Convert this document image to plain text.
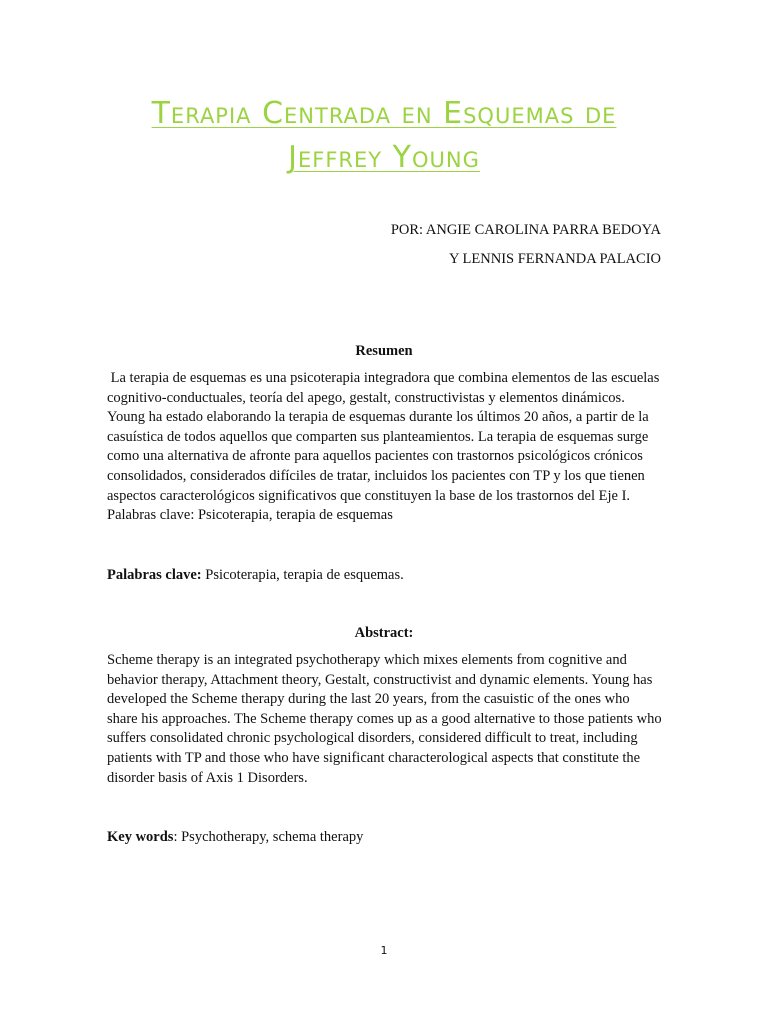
Terapia Centrada en Esquemas de
Jeffrey Young
POR: ANGIE CAROLINA PARRA BEDOYA
Y LENNIS FERNANDA PALACIO
Resumen

La terapia de esquemas es una psicoterapia integradora que combina elementos de las escuelas cognitivo-conductuales, teoría del apego, gestalt, constructivistas y elementos dinámicos. Young ha estado elaborando la terapia de esquemas durante los últimos 20 años, a partir de la casuística de todos aquellos que comparten sus planteamientos. La terapia de esquemas surge como una alternativa de afronte para aquellos pacientes con trastornos psicológicos crónicos consolidados, considerados difíciles de tratar, incluidos los pacientes con TP y los que tienen aspectos caracterológicos significativos que constituyen la base de los trastornos del Eje I. Palabras clave: Psicoterapia, terapia de esquemas

Palabras clave: Psicoterapia, terapia de esquemas.
Abstract:

Scheme therapy is an integrated psychotherapy which mixes elements from cognitive and behavior therapy, Attachment theory, Gestalt, constructivist and dynamic elements. Young has developed the Scheme therapy during the last 20 years, from the casuistic of the ones who share his approaches. The Scheme therapy comes up as a good alternative to those patients who suffers consolidated chronic psychological disorders, considered difficult to treat, including patients with TP and those who have significant characterological aspects that constitute the disorder basis of Axis 1 Disorders.

Key words: Psychotherapy, schema therapy
1
